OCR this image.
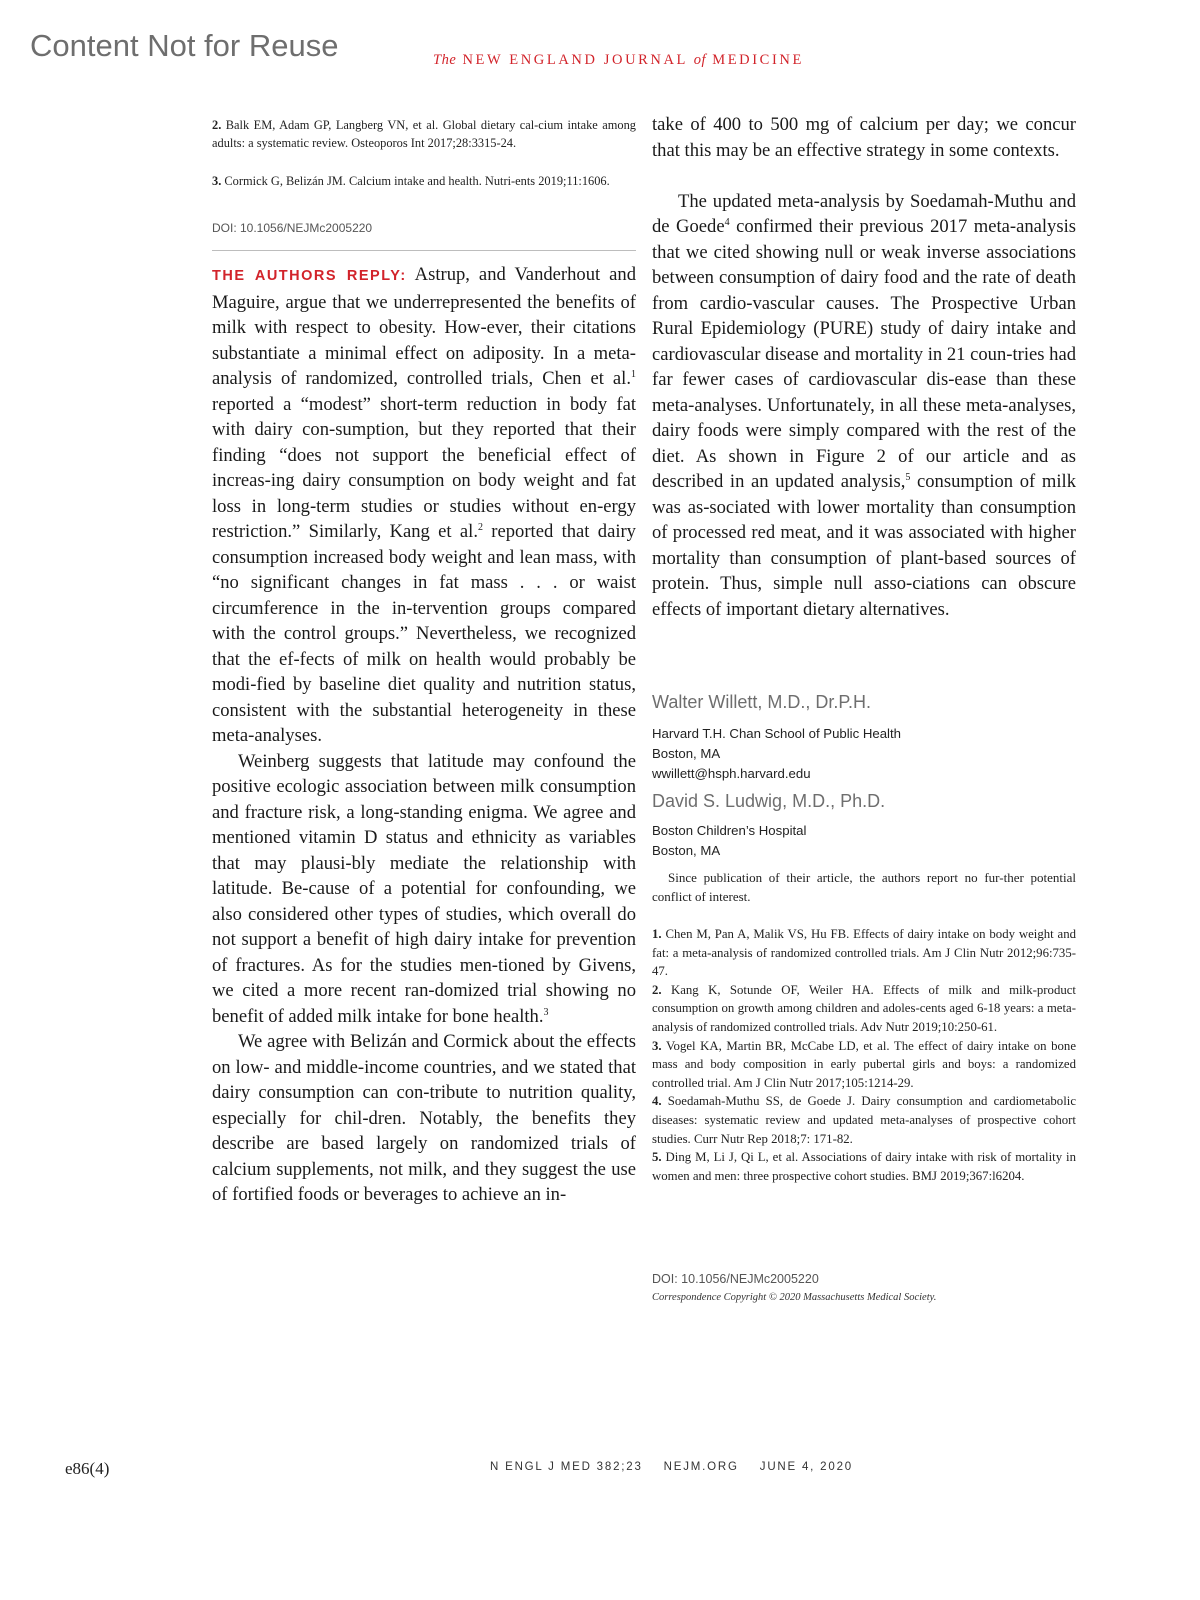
Content Not for Reuse	The NEW ENGLAND JOURNAL of MEDICINE
2. Balk EM, Adam GP, Langberg VN, et al. Global dietary cal-cium intake among adults: a systematic review. Osteoporos Int 2017;28:3315-24.
3. Cormick G, Belizán JM. Calcium intake and health. Nutri-ents 2019;11:1606.
DOI: 10.1056/NEJMc2005220

THE AUTHORS REPLY: Astrup, and Vanderhout and Maguire, argue that we underrepresented the benefits of milk with respect to obesity. How-ever, their citations substantiate a minimal effect on adiposity. In a meta-analysis of randomized, controlled trials, Chen et al.$^1$ reported a “modest” short-term reduction in body fat with dairy con-sumption, but they reported that their finding “does not support the beneficial effect of increas-ing dairy consumption on body weight and fat loss in long-term studies or studies without en-ergy restriction.” Similarly, Kang et al.$^2$ reported that dairy consumption increased body weight and lean mass, with “no significant changes in fat mass . . . or waist circumference in the in-tervention groups compared with the control groups.” Nevertheless, we recognized that the ef-fects of milk on health would probably be modi-fied by baseline diet quality and nutrition status, consistent with the substantial heterogeneity in these meta-analyses.

Weinberg suggests that latitude may confound the positive ecologic association between milk consumption and fracture risk, a long-standing enigma. We agree and mentioned vitamin D status and ethnicity as variables that may plausi-bly mediate the relationship with latitude. Be-cause of a potential for confounding, we also considered other types of studies, which overall do not support a benefit of high dairy intake for prevention of fractures. As for the studies men-tioned by Givens, we cited a more recent ran-domized trial showing no benefit of added milk intake for bone health.$^3$

We agree with Belizán and Cormick about the effects on low- and middle-income countries, and we stated that dairy consumption can con-tribute to nutrition quality, especially for chil-dren. Notably, the benefits they describe are based largely on randomized trials of calcium supplements, not milk, and they suggest the use of fortified foods or beverages to achieve an in-

take of 400 to 500 mg of calcium per day; we concur that this may be an effective strategy in some contexts.

The updated meta-analysis by Soedamah-Muthu and de Goede$^4$ confirmed their previous 2017 meta-analysis that we cited showing null or weak inverse associations between consumption of dairy food and the rate of death from cardio-vascular causes. The Prospective Urban Rural Epidemiology (PURE) study of dairy intake and cardiovascular disease and mortality in 21 coun-tries had far fewer cases of cardiovascular dis-ease than these meta-analyses. Unfortunately, in all these meta-analyses, dairy foods were simply compared with the rest of the diet. As shown in Figure 2 of our article and as described in an updated analysis,$^5$ consumption of milk was as-sociated with lower mortality than consumption of processed red meat, and it was associated with higher mortality than consumption of plant-based sources of protein. Thus, simple null asso-ciations can obscure effects of important dietary alternatives.

Walter Willett, M.D., Dr.P.H.
Harvard T.H. Chan School of Public Health
Boston, MA
wwillett@hsph.harvard.edu
David S. Ludwig, M.D., Ph.D.
Boston Children’s Hospital
Boston, MA

Since publication of their article, the authors report no fur-ther potential conflict of interest.

1. Chen M, Pan A, Malik VS, Hu FB. Effects of dairy intake on body weight and fat: a meta-analysis of randomized controlled trials. Am J Clin Nutr 2012;96:735-47.
2. Kang K, Sotunde OF, Weiler HA. Effects of milk and milk-product consumption on growth among children and adoles-cents aged 6-18 years: a meta-analysis of randomized controlled trials. Adv Nutr 2019;10:250-61.
3. Vogel KA, Martin BR, McCabe LD, et al. The effect of dairy intake on bone mass and body composition in early pubertal girls and boys: a randomized controlled trial. Am J Clin Nutr 2017;105:1214-29.
4. Soedamah-Muthu SS, de Goede J. Dairy consumption and cardiometabolic diseases: systematic review and updated meta-analyses of prospective cohort studies. Curr Nutr Rep 2018;7: 171-82.
5. Ding M, Li J, Qi L, et al. Associations of dairy intake with risk of mortality in women and men: three prospective cohort studies. BMJ 2019;367:l6204.
DOI: 10.1056/NEJMc2005220
Correspondence Copyright © 2020 Massachusetts Medical Society.
e86(4)	N ENGL J MED 382;23 NEJM.ORG JUNE 4, 2020
